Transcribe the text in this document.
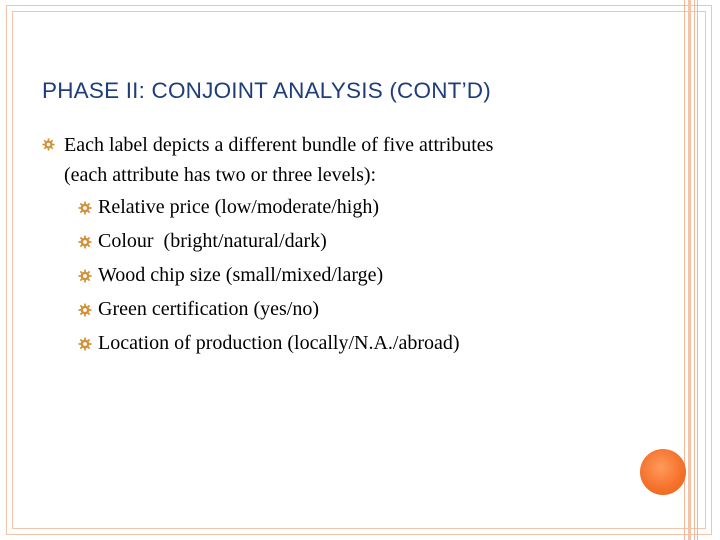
PHASE II: CONJOINT ANALYSIS (CONT’D)
Each label depicts a different bundle of five attributes
(each attribute has two or three levels):
Relative price (low/moderate/high)
Colour  (bright/natural/dark)
Wood chip size (small/mixed/large)
Green certification (yes/no)
Location of production (locally/N.A./abroad)
